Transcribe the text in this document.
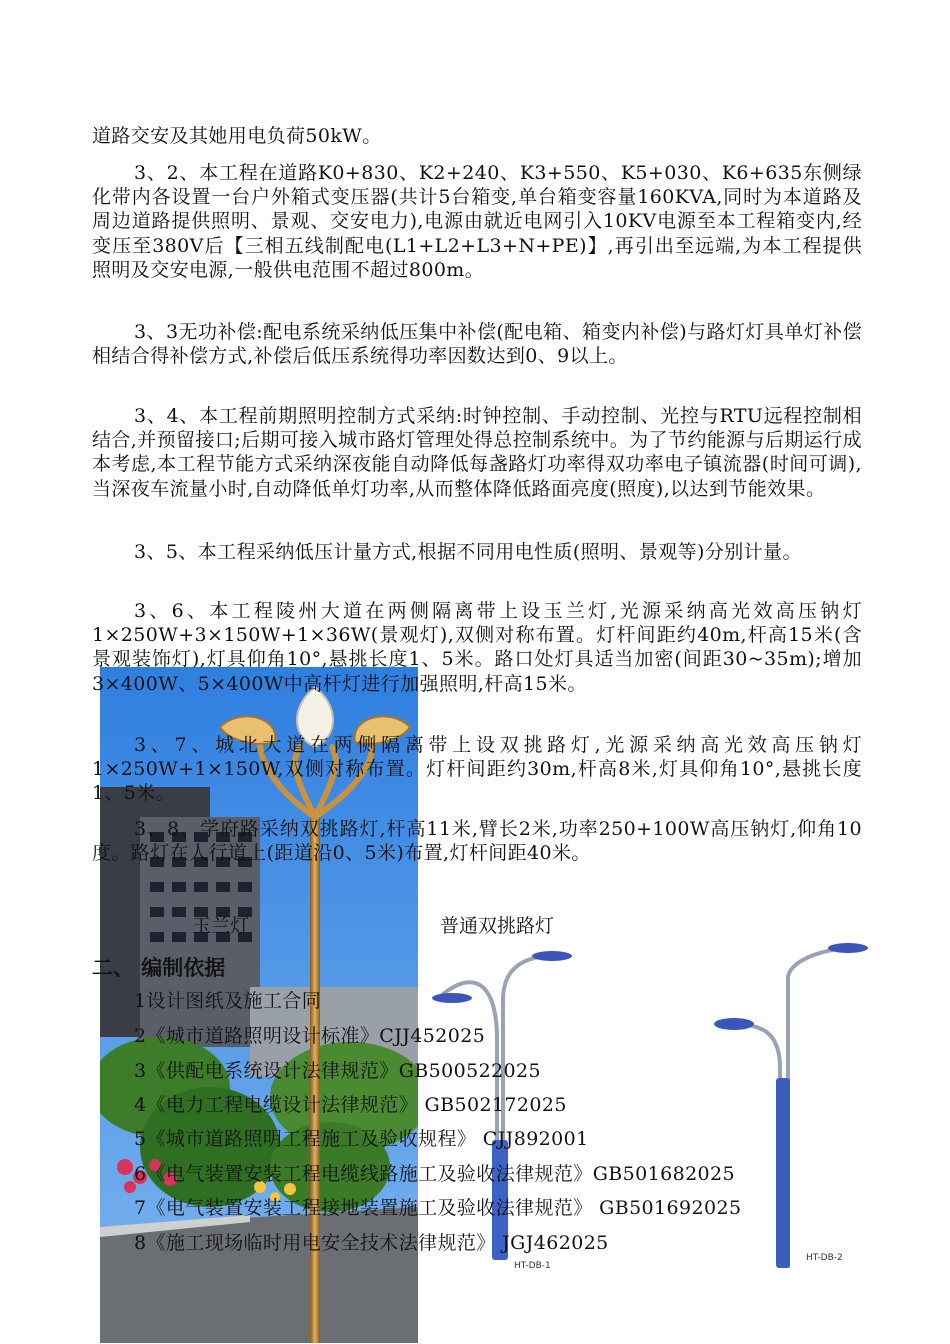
HT-DB-1
HT-DB-2
道路交安及其她用电负荷50kW。
3、2、本工程在道路K0+830、K2+240、K3+550、K5+030、K6+635东侧绿化带内各设置一台户外箱式变压器(共计5台箱变,单台箱变容量160KVA,同时为本道路及周边道路提供照明、景观、交安电力),电源由就近电网引入10KV电源至本工程箱变内,经变压至380V后【三相五线制配电(L1+L2+L3+N+PE)】,再引出至远端,为本工程提供照明及交安电源,一般供电范围不超过800m。
3、3无功补偿:配电系统采纳低压集中补偿(配电箱、箱变内补偿)与路灯灯具单灯补偿相结合得补偿方式,补偿后低压系统得功率因数达到0、9以上。
3、4、本工程前期照明控制方式采纳:时钟控制、手动控制、光控与RTU远程控制相结合,并预留接口;后期可接入城市路灯管理处得总控制系统中。为了节约能源与后期运行成本考虑,本工程节能方式采纳深夜能自动降低每盏路灯功率得双功率电子镇流器(时间可调),当深夜车流量小时,自动降低单灯功率,从而整体降低路面亮度(照度),以达到节能效果。
3、5、本工程采纳低压计量方式,根据不同用电性质(照明、景观等)分别计量。
3、6、本工程陵州大道在两侧隔离带上设玉兰灯,光源采纳高光效高压钠灯 1×250W+3×150W+1×36W(景观灯),双侧对称布置。灯杆间距约40m,杆高15米(含景观装饰灯),灯具仰角10°,悬挑长度1、5米。路口处灯具适当加密(间距30~35m);增加3×400W、5×400W中高杆灯进行加强照明,杆高15米。
3、7、城北大道在两侧隔离带上设双挑路灯,光源采纳高光效高压钠灯1×250W+1×150W,双侧对称布置。灯杆间距约30m,杆高8米,灯具仰角10°,悬挑长度1、5米。
3、8、学府路采纳双挑路灯,杆高11米,臂长2米,功率250+100W高压钠灯,仰角10度。路灯在人行道上(距道沿0、5米)布置,灯杆间距40米。
玉兰灯	普通双挑路灯
二、 编制依据
1设计图纸及施工合同
2《城市道路照明设计标准》CJJ452025
3《供配电系统设计法律规范》GB500522025
4《电力工程电缆设计法律规范》 GB502172025
5《城市道路照明工程施工及验收规程》 CJJ892001
6《电气装置安装工程电缆线路施工及验收法律规范》GB501682025
7《电气装置安装工程接地装置施工及验收法律规范》 GB501692025
8《施工现场临时用电安全技术法律规范》 JGJ462025
